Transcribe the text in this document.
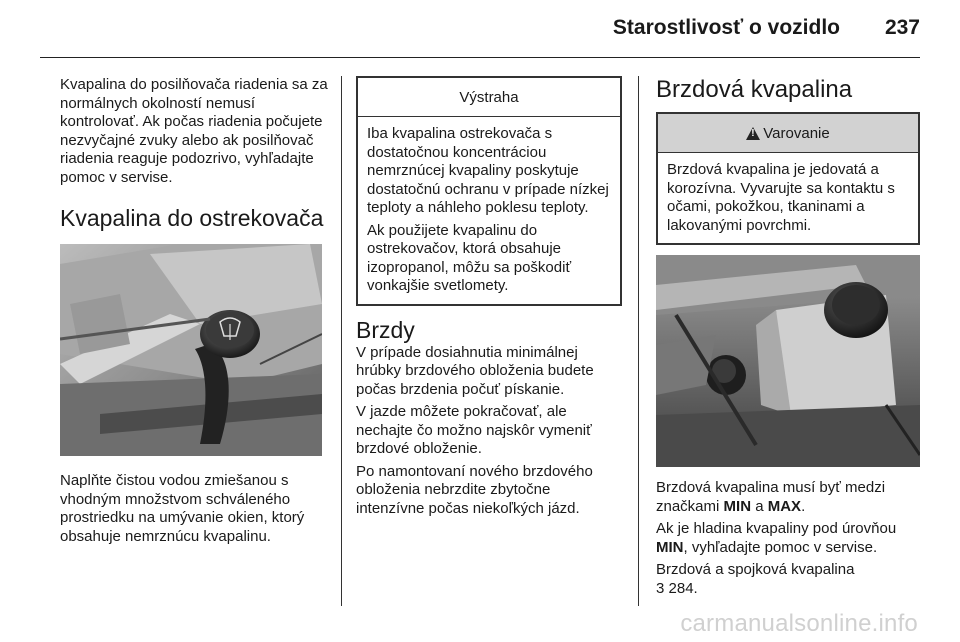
Starostlivosť o vozidlo 237

Kvapalina do posilňovača riadenia sa za normálnych okolností nemusí kontrolovať. Ak počas riadenia počujete nezvyčajné zvuky alebo ak posilňovač riadenia reaguje podozrivo, vyhľadajte pomoc v servise.

Kvapalina do ostrekovača

Naplňte čistou vodou zmiešanou s vhodným množstvom schváleného prostriedku na umývanie okien, ktorý obsahuje nemrznúcu kvapalinu.

Výstraha

Iba kvapalina ostrekovača s dostatočnou koncentráciou nemrznúcej kvapaliny poskytuje dostatočnú ochranu v prípade nízkej teploty a náhleho poklesu teploty.

Ak použijete kvapalinu do ostrekovačov, ktorá obsahuje izopropanol, môžu sa poškodiť vonkajšie svetlomety.

Brzdy

V prípade dosiahnutia minimálnej hrúbky brzdového obloženia budete počas brzdenia počuť pískanie.

V jazde môžete pokračovať, ale nechajte čo možno najskôr vymeniť brzdové obloženie.

Po namontovaní nového brzdového obloženia nebrzdite zbytočne intenzívne počas niekoľkých jázd.

Brzdová kvapalina
!
Varovanie

Brzdová kvapalina je jedovatá a korozívna. Vyvarujte sa kontaktu s očami, pokožkou, tkaninami a lakovanými povrchmi.

Brzdová kvapalina musí byť medzi značkami MIN a MAX.

Ak je hladina kvapaliny pod úrovňou MIN, vyhľadajte pomoc v servise.

Brzdová a spojková kvapalina
3 284.

carmanualsonline.info
